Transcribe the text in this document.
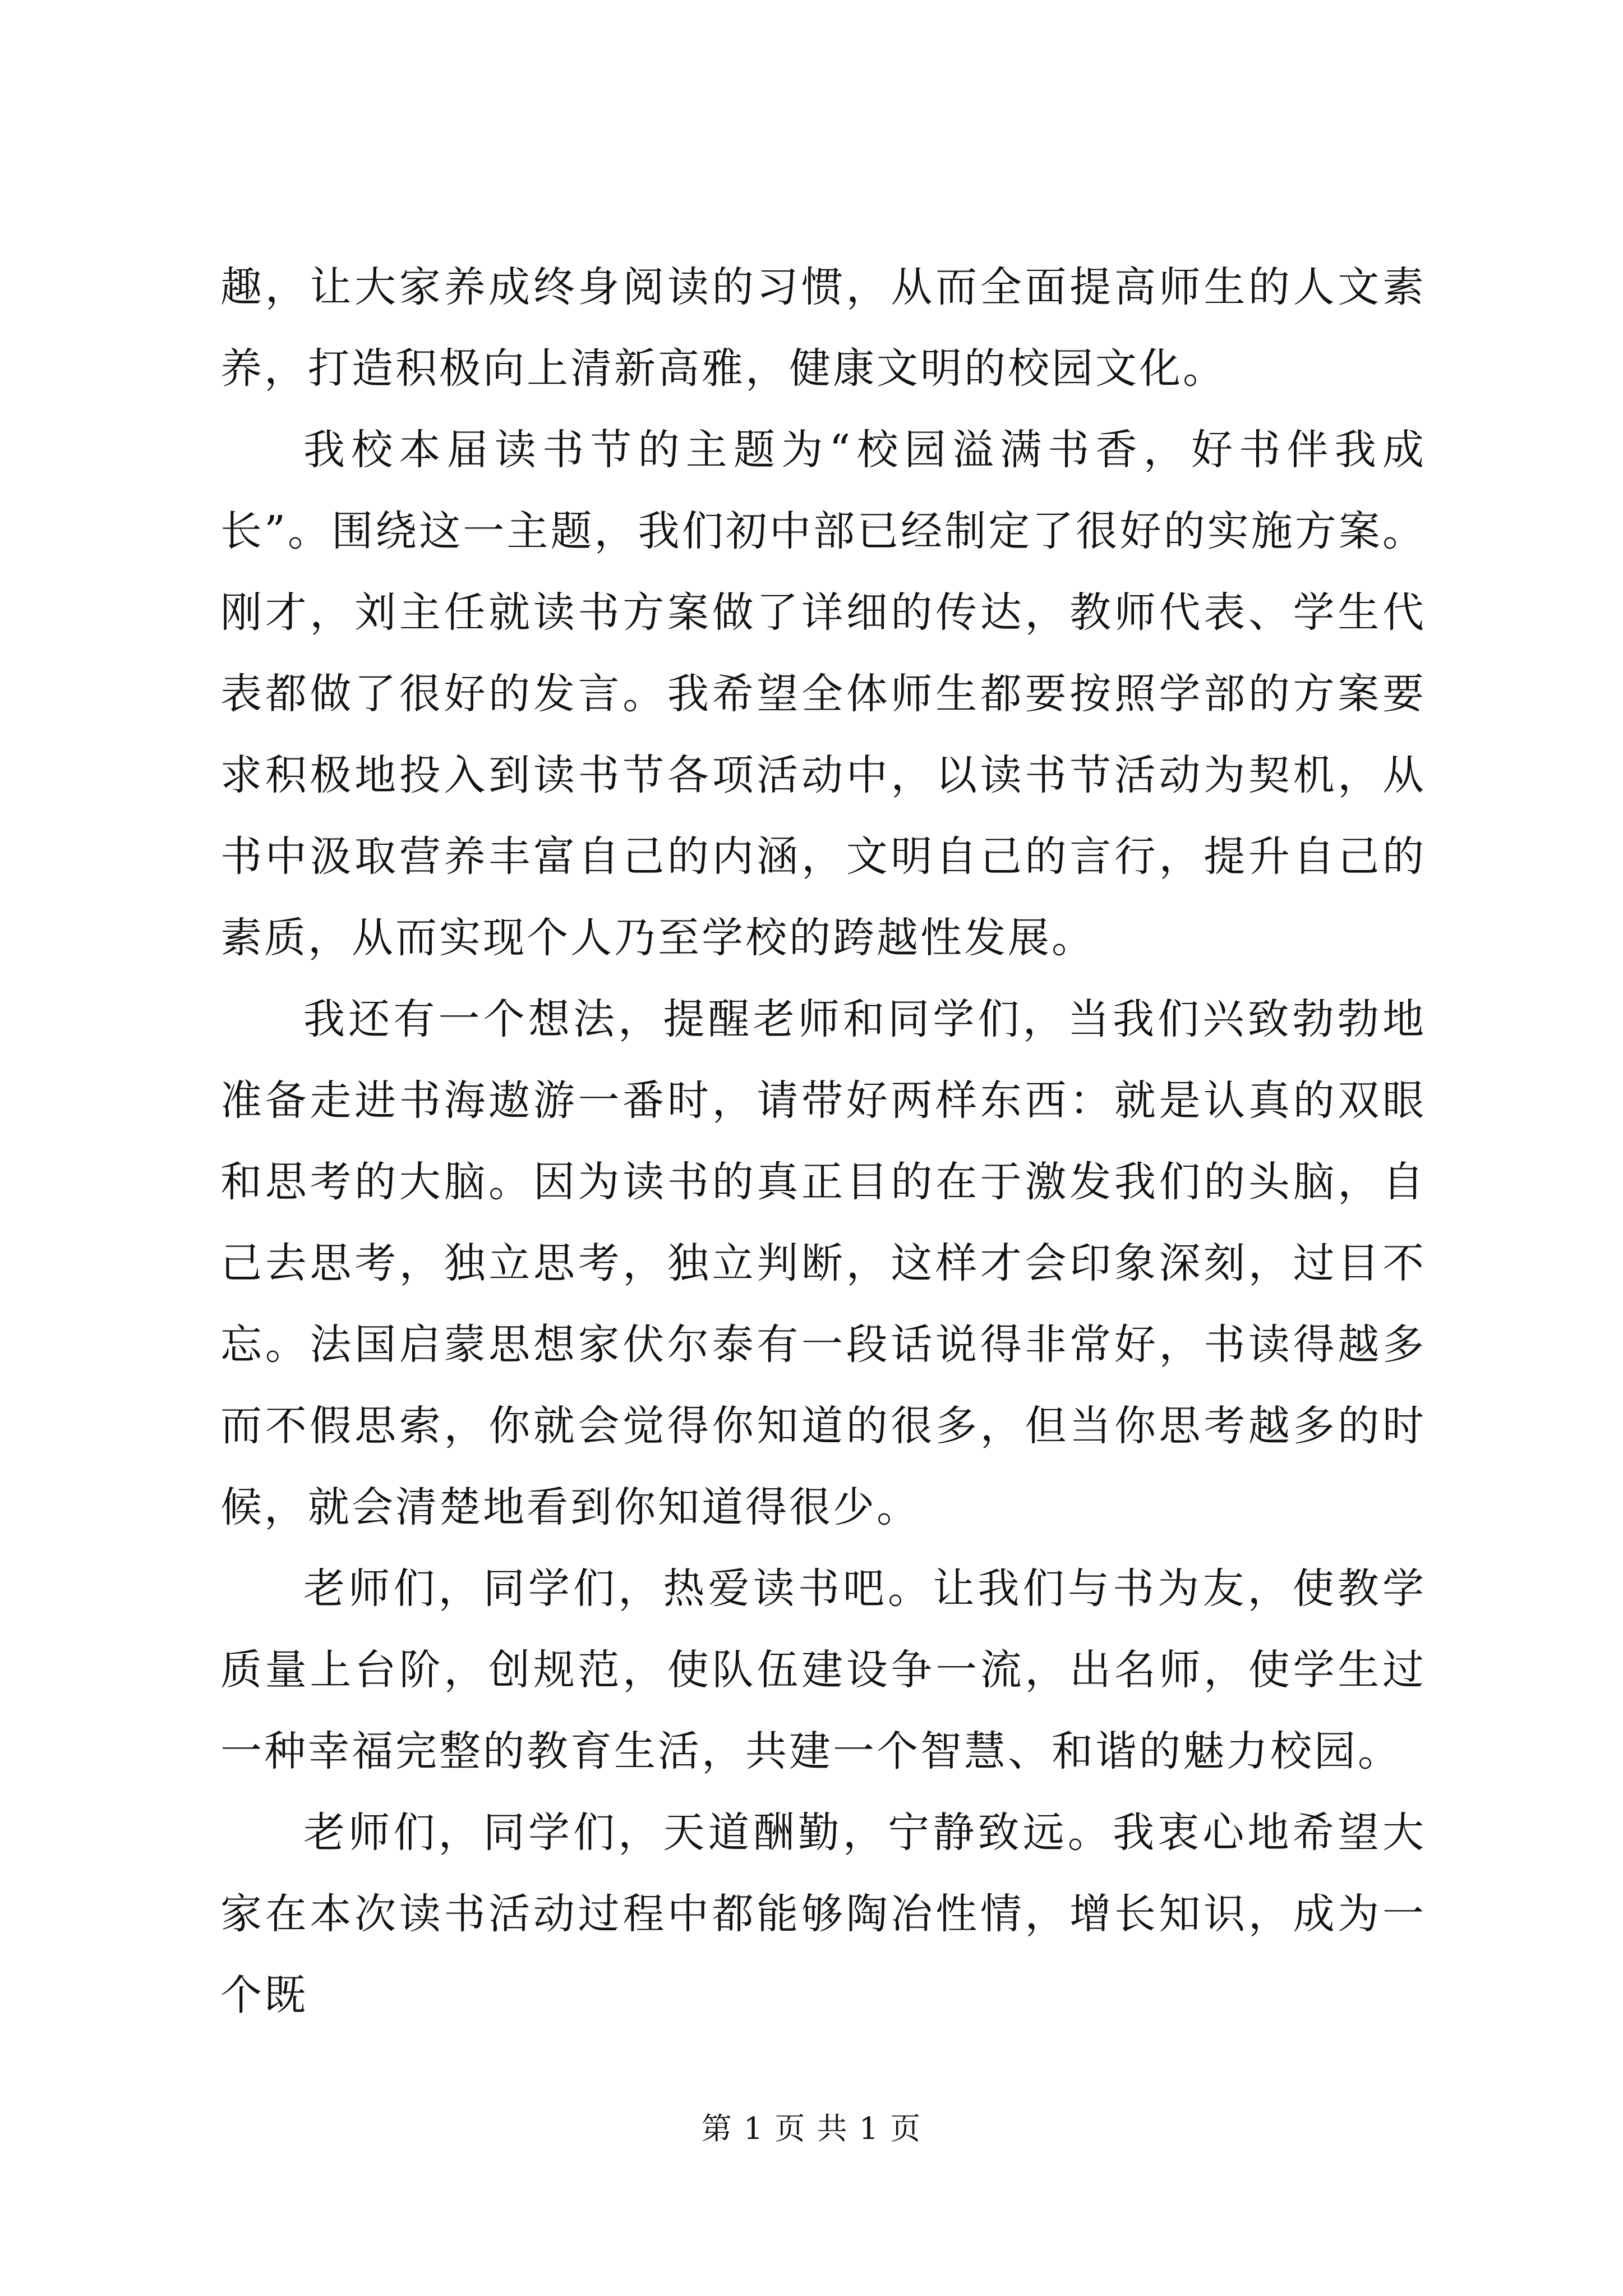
趣，让大家养成终身阅读的习惯，从而全面提高师生的人文素养，打造积极向上清新高雅，健康文明的校园文化。

我校本届读书节的主题为“校园溢满书香，好书伴我成长”。围绕这一主题，我们初中部已经制定了很好的实施方案。刚才，刘主任就读书方案做了详细的传达，教师代表、学生代表都做了很好的发言。我希望全体师生都要按照学部的方案要求积极地投入到读书节各项活动中，以读书节活动为契机，从书中汲取营养丰富自己的内涵，文明自己的言行，提升自己的素质，从而实现个人乃至学校的跨越性发展。

我还有一个想法，提醒老师和同学们，当我们兴致勃勃地准备走进书海遨游一番时，请带好两样东西：就是认真的双眼和思考的大脑。因为读书的真正目的在于激发我们的头脑，自己去思考，独立思考，独立判断，这样才会印象深刻，过目不忘。法国启蒙思想家伏尔泰有一段话说得非常好，书读得越多而不假思索，你就会觉得你知道的很多，但当你思考越多的时候，就会清楚地看到你知道得很少。

老师们，同学们，热爱读书吧。让我们与书为友，使教学质量上台阶，创规范，使队伍建设争一流，出名师，使学生过一种幸福完整的教育生活，共建一个智慧、和谐的魅力校园。

老师们，同学们，天道酬勤，宁静致远。我衷心地希望大家在本次读书活动过程中都能够陶冶性情，增长知识，成为一个既

第 1 页 共 1 页
